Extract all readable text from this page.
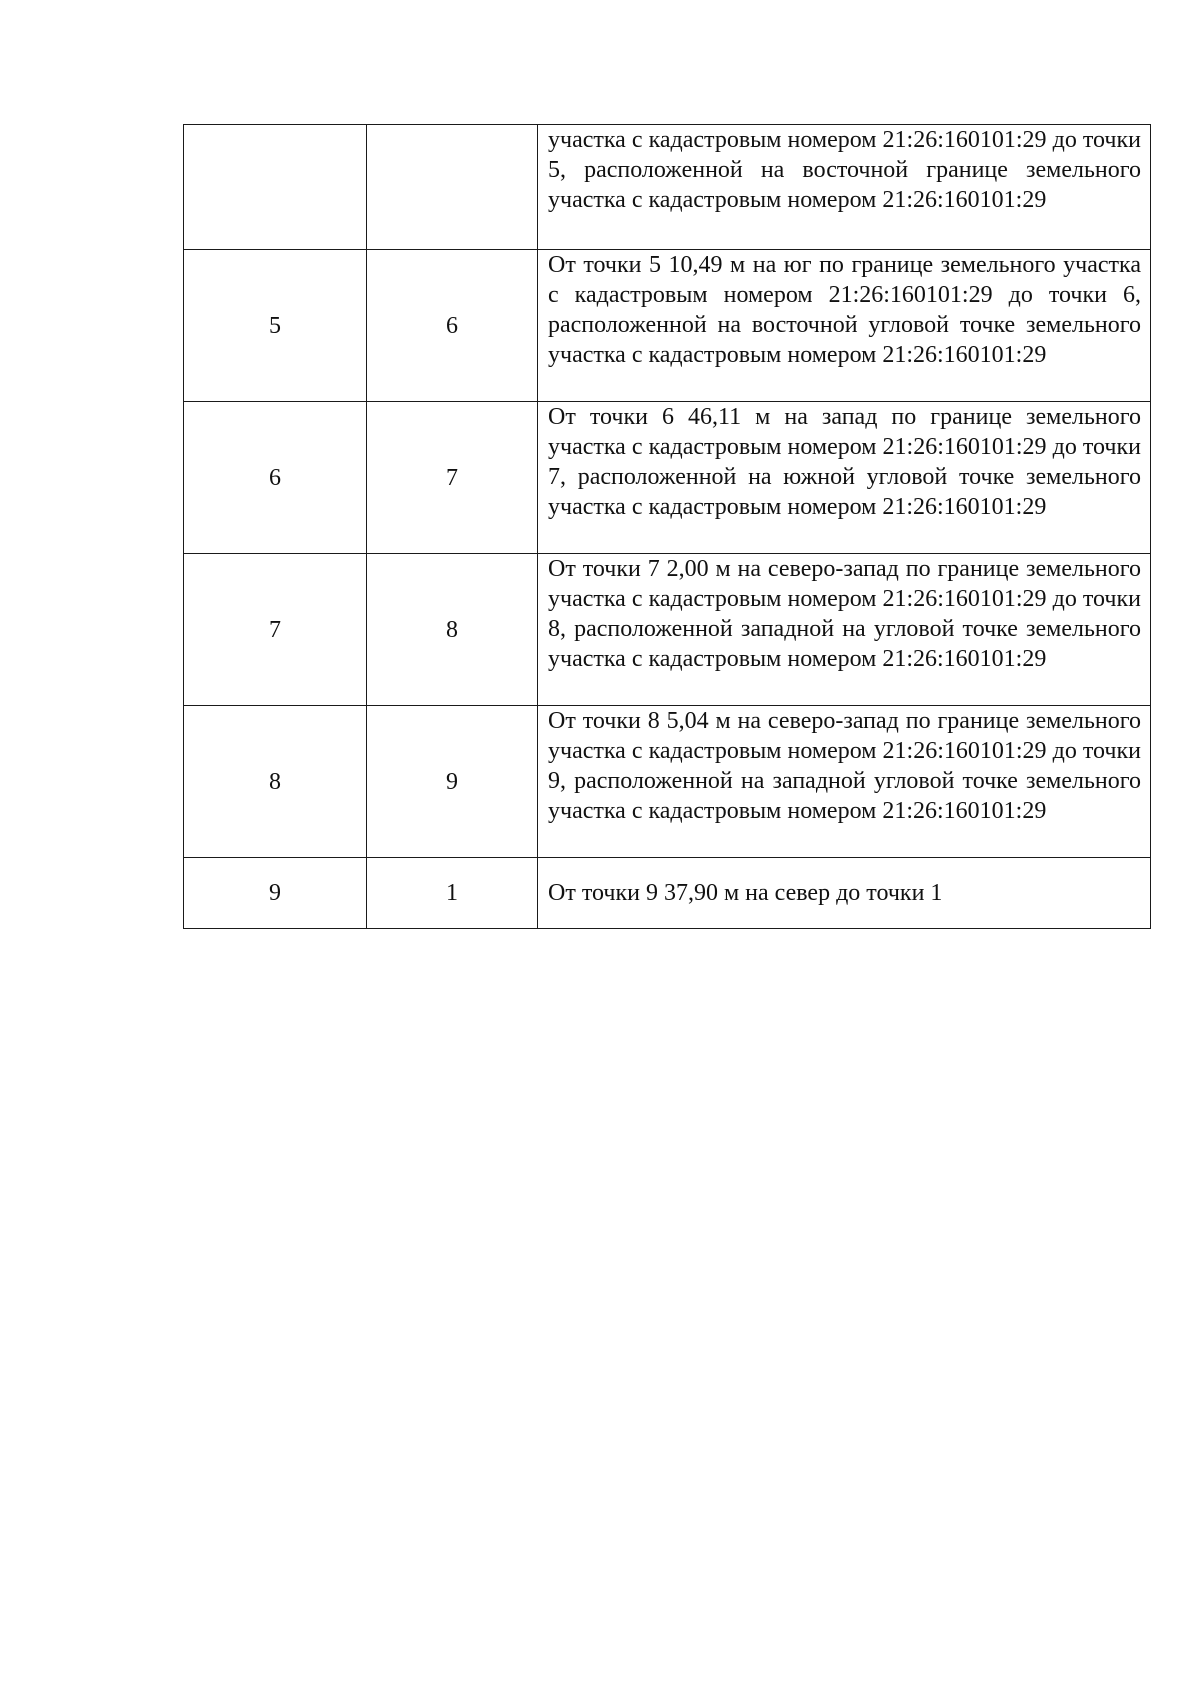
		участка с кадастровым номером 21:26:160101:29 до точки 5, расположенной на восточной границе земельного участка с кадастровым номером 21:26:160101:29
5	6	От точки 5 10,49 м на юг по границе земельного участка с кадастровым номером 21:26:160101:29 до точки 6, расположенной на восточной угловой точке земельного участка с кадастровым номером 21:26:160101:29
6	7	От точки 6 46,11 м на запад по границе земельного участка с кадастровым номером 21:26:160101:29 до точки 7, расположенной на южной угловой точке земельного участка с кадастровым номером 21:26:160101:29
7	8	От точки 7 2,00 м на северо-запад по границе земельного участка с кадастровым номером 21:26:160101:29 до точки 8, расположенной западной на угловой точке земельного участка с кадастровым номером 21:26:160101:29
8	9	От точки 8 5,04 м на северо-запад по границе земельного участка с кадастровым номером 21:26:160101:29 до точки 9, расположенной на западной угловой точке земельного участка с кадастровым номером 21:26:160101:29
9	1	От точки 9 37,90 м на север до точки 1
